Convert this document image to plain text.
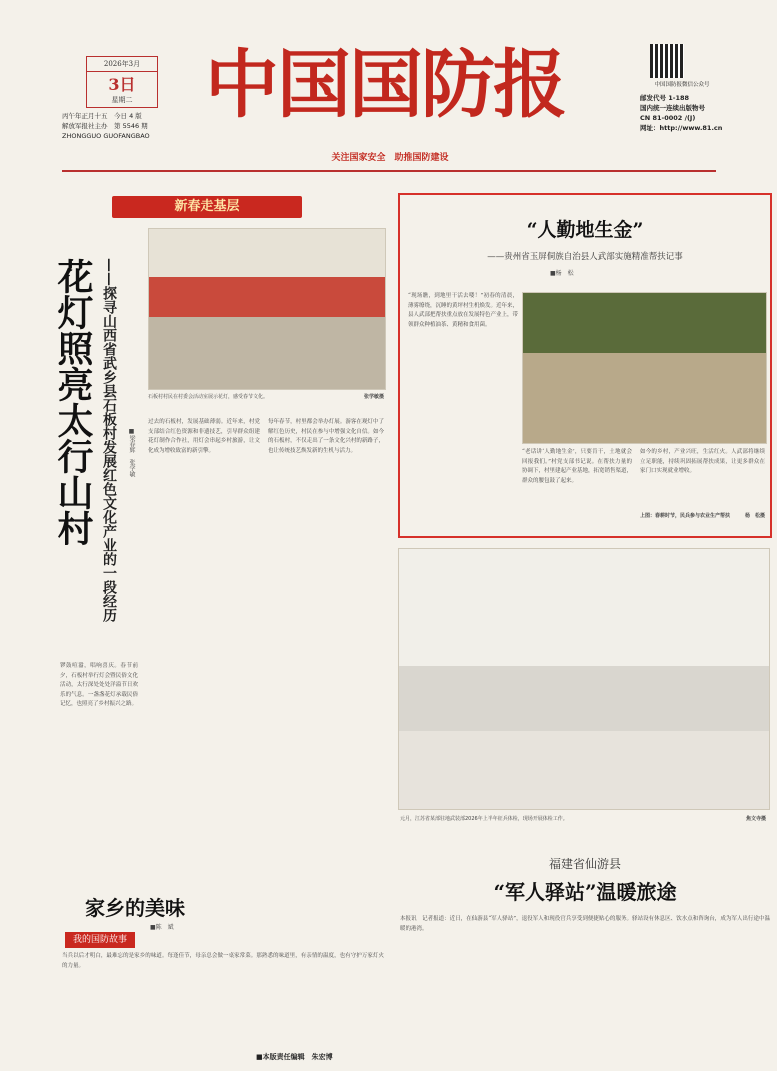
2026年3月
3日
星期二
丙午年正月十五　 今日 4 版
解放军报社主办　 第 5546 期
ZHONGGUO GUOFANGBAO
中国国防报
关注国家安全　助推国防建设
中国国防报微信公众号
邮发代号 1-188
国内统一连续出版物号
CN 81-0002 /(J)
网址：http://www.81.cn
新春走基层
石板村村民在村委会活动室展示花灯，感受春节文化。	张学敏摄
花灯照亮太行山村 ——探寻山西省武乡县石板村发展红色文化产业的一段经历	■梁春辉　张学敏
锣鼓喧嚣，唱响喜庆。春节前夕，石板村举行灯会暨民俗文化活动，太行深处处处洋溢节日欢乐的气息。一盏盏花灯承载民俗记忆，也照亮了乡村振兴之路。
过去的石板村，发展基础薄弱。近年来，村党支部结合红色资源和非遗技艺，引导群众组建花灯制作合作社，用灯会串起乡村旅游，让文化成为增收致富的新引擎。
每年春节，村里都会举办灯展。游客在观灯中了解红色历史，村民在参与中增强文化自信。如今的石板村，不仅走出了一条文化兴村的新路子，也让传统技艺焕发新的生机与活力。
“人勤地生金”
——贵州省玉屏侗族自治县人武部实施精准帮扶记事
■杨　松
“现场瞧，到地里干活去喽！”初春的清晨，薄雾缭绕，沉睡的黄坪村生机焕发。近年来，县人武部把帮扶重点放在发展特色产业上，带领群众种植油茶、黄精和食用菌。
“老话讲‘人勤地生金’，只要肯干，土地就会回报我们。”村党支部书记说。在帮扶力量的协调下，村里建起产业基地，拓宽销售渠道，群众的腰包鼓了起来。
如今的乡村，产业兴旺，生活红火。人武部将继续立足职能，持续巩固拓展帮扶成果，让更多群众在家门口实现就业增收。
上图：春耕时节，民兵参与农业生产帮扶	杨　松摄
元月，江苏省某部驻地武装部2026年上半年征兵体检，现场开展体检工作。	焦文寺摄
福建省仙游县
“军人驿站”温暖旅途
本报讯　记者报道：近日，在仙游县“军人驿站”，退役军人和现役官兵享受到便捷贴心的服务。驿站设有休息区、饮水点和咨询台，成为军人出行途中温暖的港湾。
家乡的美味
■陈　斌
我的国防故事
当兵以后才明白，最难忘的是家乡的味道。每逢佳节，母亲总会做一桌家常菜。那熟悉的味道里，有亲情的温度，也有守护万家灯火的力量。
■本版责任编辑　朱宏博
